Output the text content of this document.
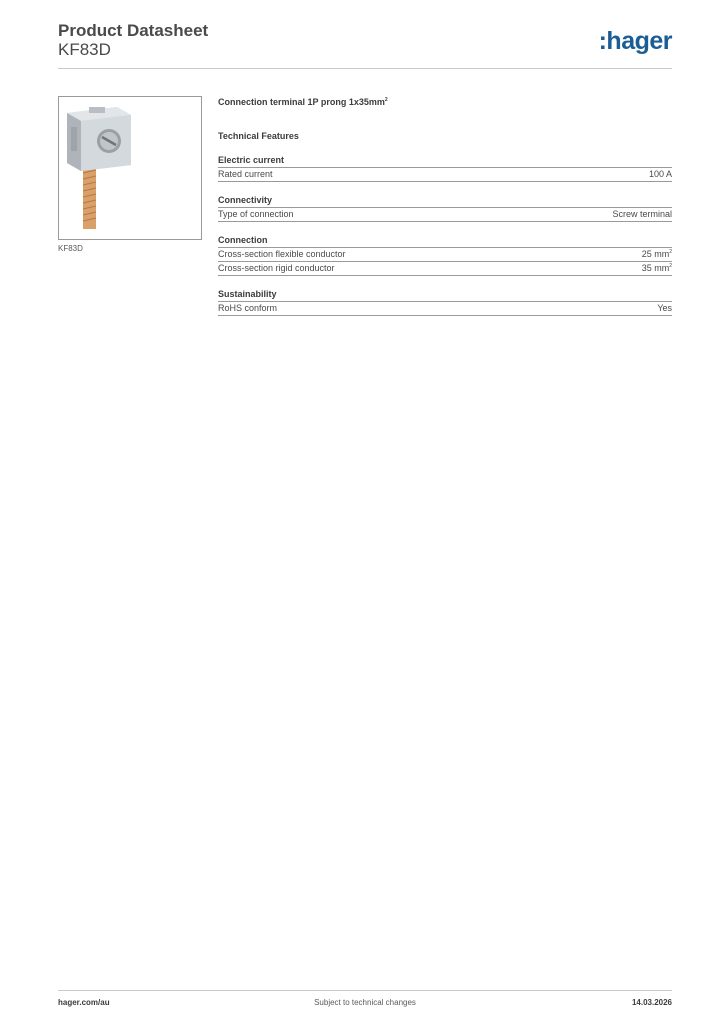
Product Datasheet
KF83D	:hager
KF83D
Connection terminal 1P prong $1x35mm^2$
Technical Features
Electric current
Rated current	100 A
Connectivity
Type of connection	Screw terminal
Connection
Cross-section flexible conductor	25 $mm^2$
Cross-section rigid conductor	35 $mm^2$
Sustainability
RoHS conform	Yes
hager.com/au	Subject to technical changes	14.03.2026
